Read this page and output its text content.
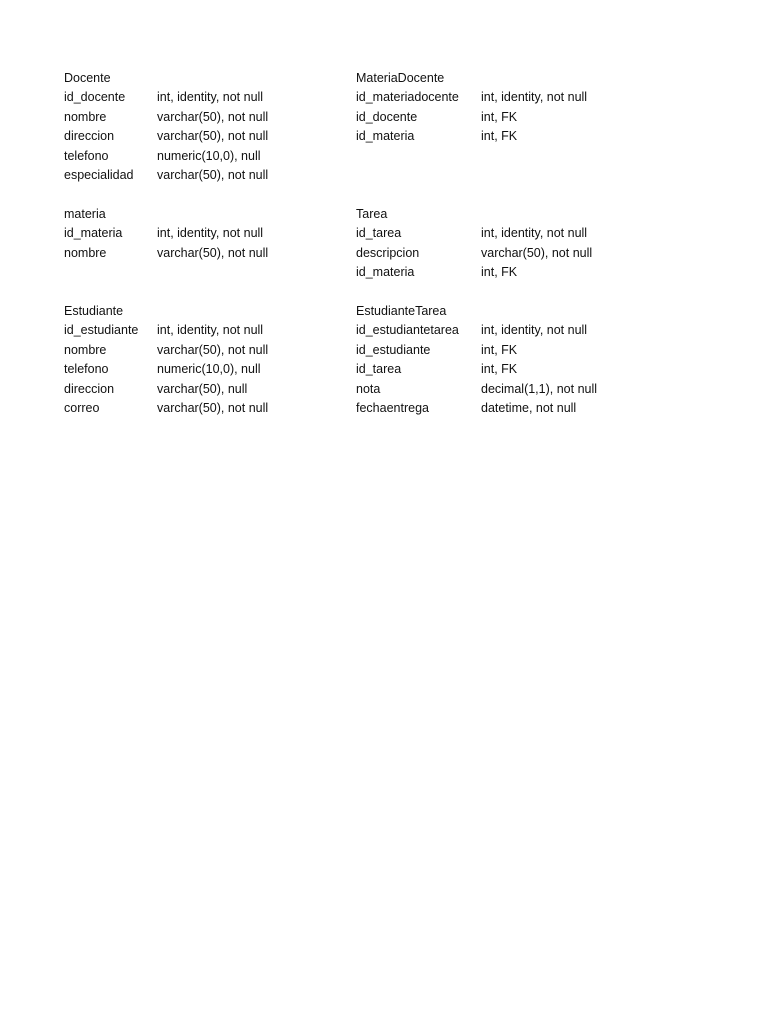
Docente
id_docente	int, identity, not null
nombre	varchar(50), not null
direccion	varchar(50), not null
telefono	numeric(10,0), null
especialidad varchar(50), not null
MateriaDocente
id_materiadocente int, identity, not null
id_docente	int, FK
id_materia	int, FK
materia
id_materia	int, identity, not null
nombre	varchar(50), not null
Tarea
id_tarea	int, identity, not null
descripcion	varchar(50), not null
id_materia	int, FK
Estudiante
id_estudiante int, identity, not null
nombre	varchar(50), not null
telefono	numeric(10,0), null
direccion	varchar(50), null
correo	varchar(50), not null
EstudianteTarea
id_estudiantetarea int, identity, not null
id_estudiante	int, FK
id_tarea	int, FK
nota	decimal(1,1), not null
fechaentrega	datetime, not null
